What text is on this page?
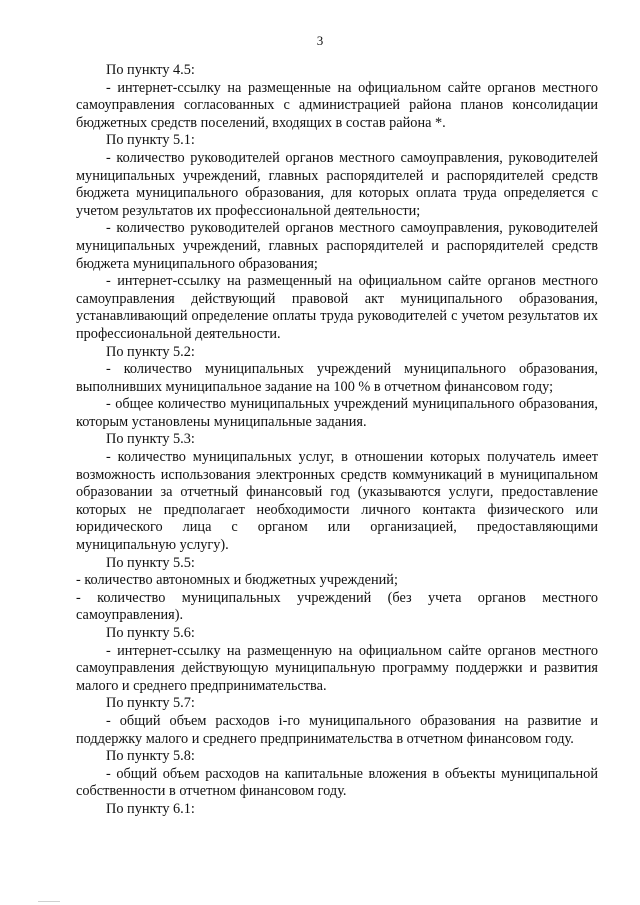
3

По пункту 4.5:

- интернет-ссылку на размещенные на официальном сайте органов местного самоуправления согласованных с администрацией района планов консолидации бюджетных средств поселений, входящих в состав района *.

По пункту 5.1:

- количество руководителей органов местного самоуправления, руководителей муниципальных учреждений, главных распорядителей и распорядителей средств бюджета муниципального образования, для которых оплата труда определяется с учетом результатов их профессиональной деятельности;

- количество руководителей органов местного самоуправления, руководителей муниципальных учреждений, главных распорядителей и распорядителей средств бюджета муниципального образования;

- интернет-ссылку на размещенный на официальном сайте органов местного самоуправления действующий правовой акт муниципального образования, устанавливающий определение оплаты труда руководителей с учетом результатов их профессиональной деятельности.

По пункту 5.2:

- количество муниципальных учреждений муниципального образования, выполнивших муниципальное задание на 100 % в отчетном финансовом году;

- общее количество муниципальных учреждений муниципального образования, которым установлены муниципальные задания.

По пункту 5.3:

- количество муниципальных услуг, в отношении которых получатель имеет возможность использования электронных средств коммуникаций в муниципальном образовании за отчетный финансовый год (указываются услуги, предоставление которых не предполагает необходимости личного контакта физического или юридического лица с органом или организацией, предоставляющими муниципальную услугу).

По пункту 5.5:

- количество автономных и бюджетных учреждений;

- количество муниципальных учреждений (без учета органов местного самоуправления).

По пункту 5.6:

- интернет-ссылку на размещенную на официальном сайте органов местного самоуправления действующую муниципальную программу поддержки и развития малого и среднего предпринимательства.

По пункту 5.7:

- общий объем расходов i-го муниципального образования на развитие и поддержку малого и среднего предпринимательства в отчетном финансовом году.

По пункту 5.8:

- общий объем расходов на капитальные вложения в объекты муниципальной собственности в отчетном финансовом году.

По пункту 6.1:
